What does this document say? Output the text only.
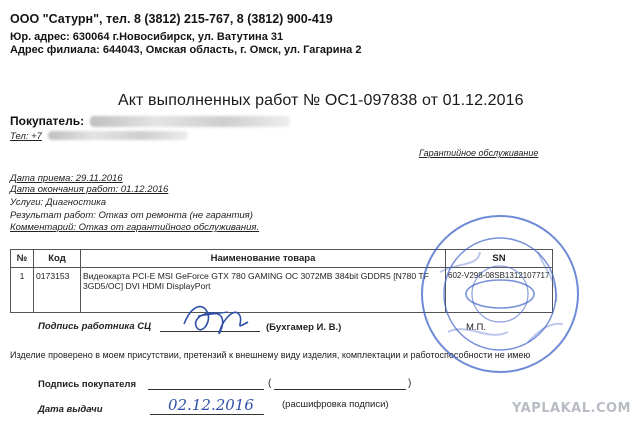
ООО "Сатурн", тел. 8 (3812) 215-767, 8 (3812) 900-419
Юр. адрес: 630064 г.Новосибирск, ул. Ватутина 31
Адрес филиала: 644043, Омская область, г. Омск, ул. Гагарина 2
Акт выполненных работ № ОС1-097838 от 01.12.2016
Покупатель:
Тел: +7
Гарантийное обслуживание
Дата приема: 29.11.2016
Дата окончания работ: 01.12.2016
Услуги: Диагностика
Результат работ: Отказ от ремонта (не гарантия)
Комментарий: Отказ от гарантийного обслуживания.
№	Код	Наименование товара	SN
1	0173153	Видеокарта PCI-E MSI GeForce GTX 780 GAMING OC 3072MB 384bit GDDR5 [N780 TF 3GD5/OC] DVI HDMI DisplayPort	602-V298-08SB1312107717
Подпись работника СЦ	(Бухгамер И. В.)	М.П.
Изделие проверено в моем присутствии, претензий к внешнему виду изделия, комплектации и работоспособности не имею
Подпись покупателя	(	)
Дата выдачи	02.12.2016	(расшифровка подписи)	YAPLAKAL.COM
